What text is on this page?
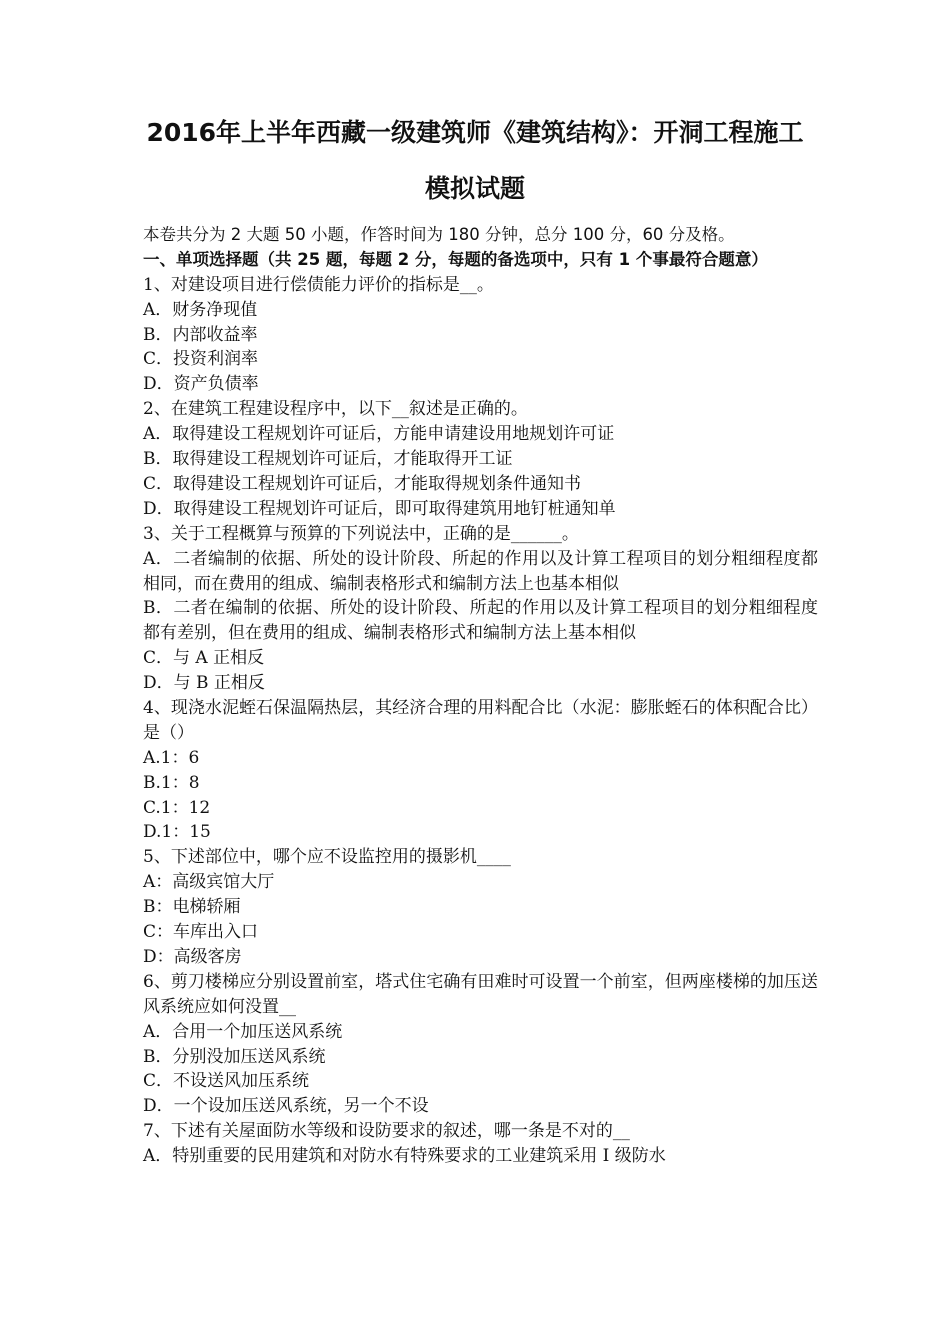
2016年上半年西藏一级建筑师《建筑结构》：开洞工程施工
模拟试题

本卷共分为 2 大题 50 小题，作答时间为 180 分钟，总分 100 分，60 分及格。

一、单项选择题（共 25 题，每题 2 分，每题的备选项中，只有 1 个事最符合题意）

1、对建设项目进行偿债能力评价的指标是__。

A．财务净现值

B．内部收益率

C．投资利润率

D．资产负债率

2、在建筑工程建设程序中，以下__叙述是正确的。

A．取得建设工程规划许可证后，方能申请建设用地规划许可证

B．取得建设工程规划许可证后，才能取得开工证

C．取得建设工程规划许可证后，才能取得规划条件通知书

D．取得建设工程规划许可证后，即可取得建筑用地钉桩通知单

3、关于工程概算与预算的下列说法中，正确的是______。

A．二者编制的依据、所处的设计阶段、所起的作用以及计算工程项目的划分粗细程度都相同，而在费用的组成、编制表格形式和编制方法上也基本相似

B．二者在编制的依据、所处的设计阶段、所起的作用以及计算工程项目的划分粗细程度都有差别，但在费用的组成、编制表格形式和编制方法上基本相似

C．与 A 正相反

D．与 B 正相反

4、现浇水泥蛭石保温隔热层，其经济合理的用料配合比（水泥：膨胀蛭石的体积配合比）是（）

A.1：6

B.1：8

C.1：12

D.1：15

5、下述部位中，哪个应不设监控用的摄影机____

A：高级宾馆大厅

B：电梯轿厢

C：车库出入口

D：高级客房

6、剪刀楼梯应分别设置前室，塔式住宅确有田难时可设置一个前室，但两座楼梯的加压送风系统应如何没置__

A．合用一个加压送风系统

B．分别没加压送风系统

C．不设送风加压系统

D．一个设加压送风系统，另一个不设

7、下述有关屋面防水等级和设防要求的叙述，哪一条是不对的__

A．特别重要的民用建筑和对防水有特殊要求的工业建筑采用 I 级防水
